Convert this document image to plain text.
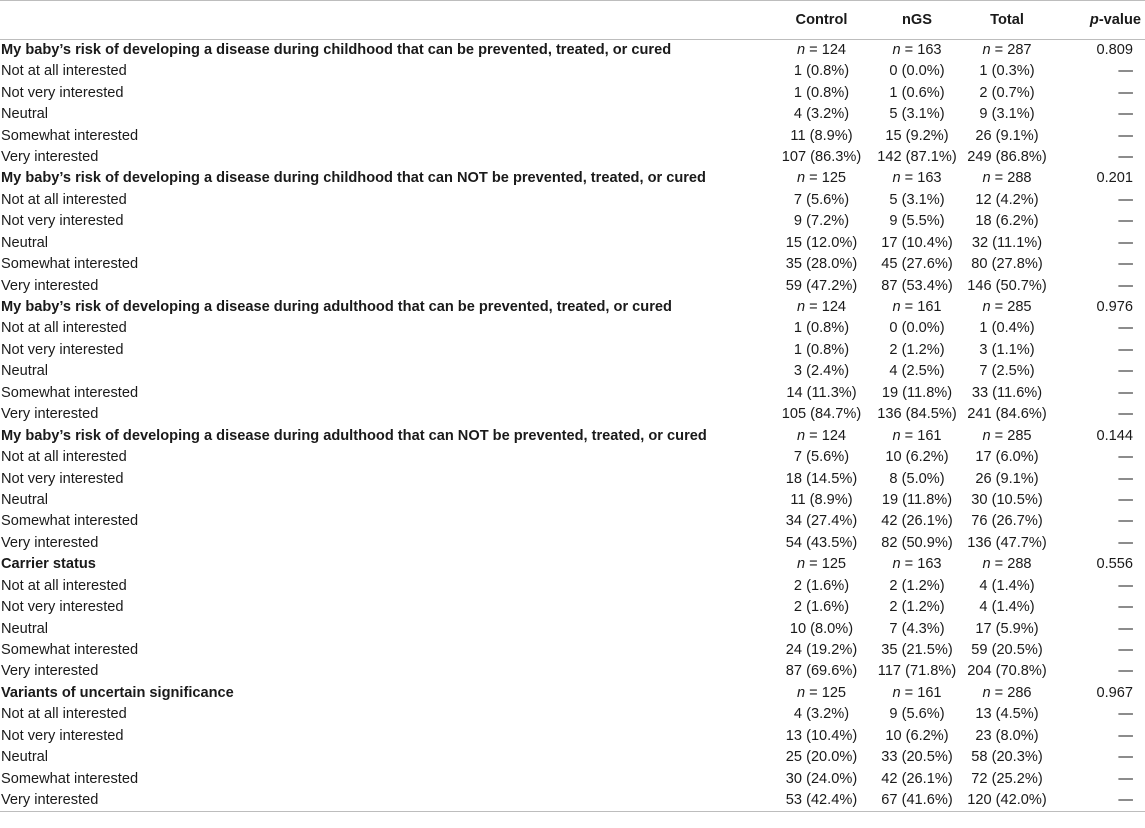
	Control	nGS	Total	p-value
My baby’s risk of developing a disease during childhood that can be prevented, treated, or cured	n = 124	n = 163	n = 287	0.809
Not at all interested	1 (0.8%)	0 (0.0%)	1 (0.3%)	—
Not very interested	1 (0.8%)	1 (0.6%)	2 (0.7%)	—
Neutral	4 (3.2%)	5 (3.1%)	9 (3.1%)	—
Somewhat interested	11 (8.9%)	15 (9.2%)	26 (9.1%)	—
Very interested	107 (86.3%)	142 (87.1%)	249 (86.8%)	—
My baby’s risk of developing a disease during childhood that can NOT be prevented, treated, or cured	n = 125	n = 163	n = 288	0.201
Not at all interested	7 (5.6%)	5 (3.1%)	12 (4.2%)	—
Not very interested	9 (7.2%)	9 (5.5%)	18 (6.2%)	—
Neutral	15 (12.0%)	17 (10.4%)	32 (11.1%)	—
Somewhat interested	35 (28.0%)	45 (27.6%)	80 (27.8%)	—
Very interested	59 (47.2%)	87 (53.4%)	146 (50.7%)	—
My baby’s risk of developing a disease during adulthood that can be prevented, treated, or cured	n = 124	n = 161	n = 285	0.976
Not at all interested	1 (0.8%)	0 (0.0%)	1 (0.4%)	—
Not very interested	1 (0.8%)	2 (1.2%)	3 (1.1%)	—
Neutral	3 (2.4%)	4 (2.5%)	7 (2.5%)	—
Somewhat interested	14 (11.3%)	19 (11.8%)	33 (11.6%)	—
Very interested	105 (84.7%)	136 (84.5%)	241 (84.6%)	—
My baby’s risk of developing a disease during adulthood that can NOT be prevented, treated, or cured	n = 124	n = 161	n = 285	0.144
Not at all interested	7 (5.6%)	10 (6.2%)	17 (6.0%)	—
Not very interested	18 (14.5%)	8 (5.0%)	26 (9.1%)	—
Neutral	11 (8.9%)	19 (11.8%)	30 (10.5%)	—
Somewhat interested	34 (27.4%)	42 (26.1%)	76 (26.7%)	—
Very interested	54 (43.5%)	82 (50.9%)	136 (47.7%)	—
Carrier status	n = 125	n = 163	n = 288	0.556
Not at all interested	2 (1.6%)	2 (1.2%)	4 (1.4%)	—
Not very interested	2 (1.6%)	2 (1.2%)	4 (1.4%)	—
Neutral	10 (8.0%)	7 (4.3%)	17 (5.9%)	—
Somewhat interested	24 (19.2%)	35 (21.5%)	59 (20.5%)	—
Very interested	87 (69.6%)	117 (71.8%)	204 (70.8%)	—
Variants of uncertain significance	n = 125	n = 161	n = 286	0.967
Not at all interested	4 (3.2%)	9 (5.6%)	13 (4.5%)	—
Not very interested	13 (10.4%)	10 (6.2%)	23 (8.0%)	—
Neutral	25 (20.0%)	33 (20.5%)	58 (20.3%)	—
Somewhat interested	30 (24.0%)	42 (26.1%)	72 (25.2%)	—
Very interested	53 (42.4%)	67 (41.6%)	120 (42.0%)	—
